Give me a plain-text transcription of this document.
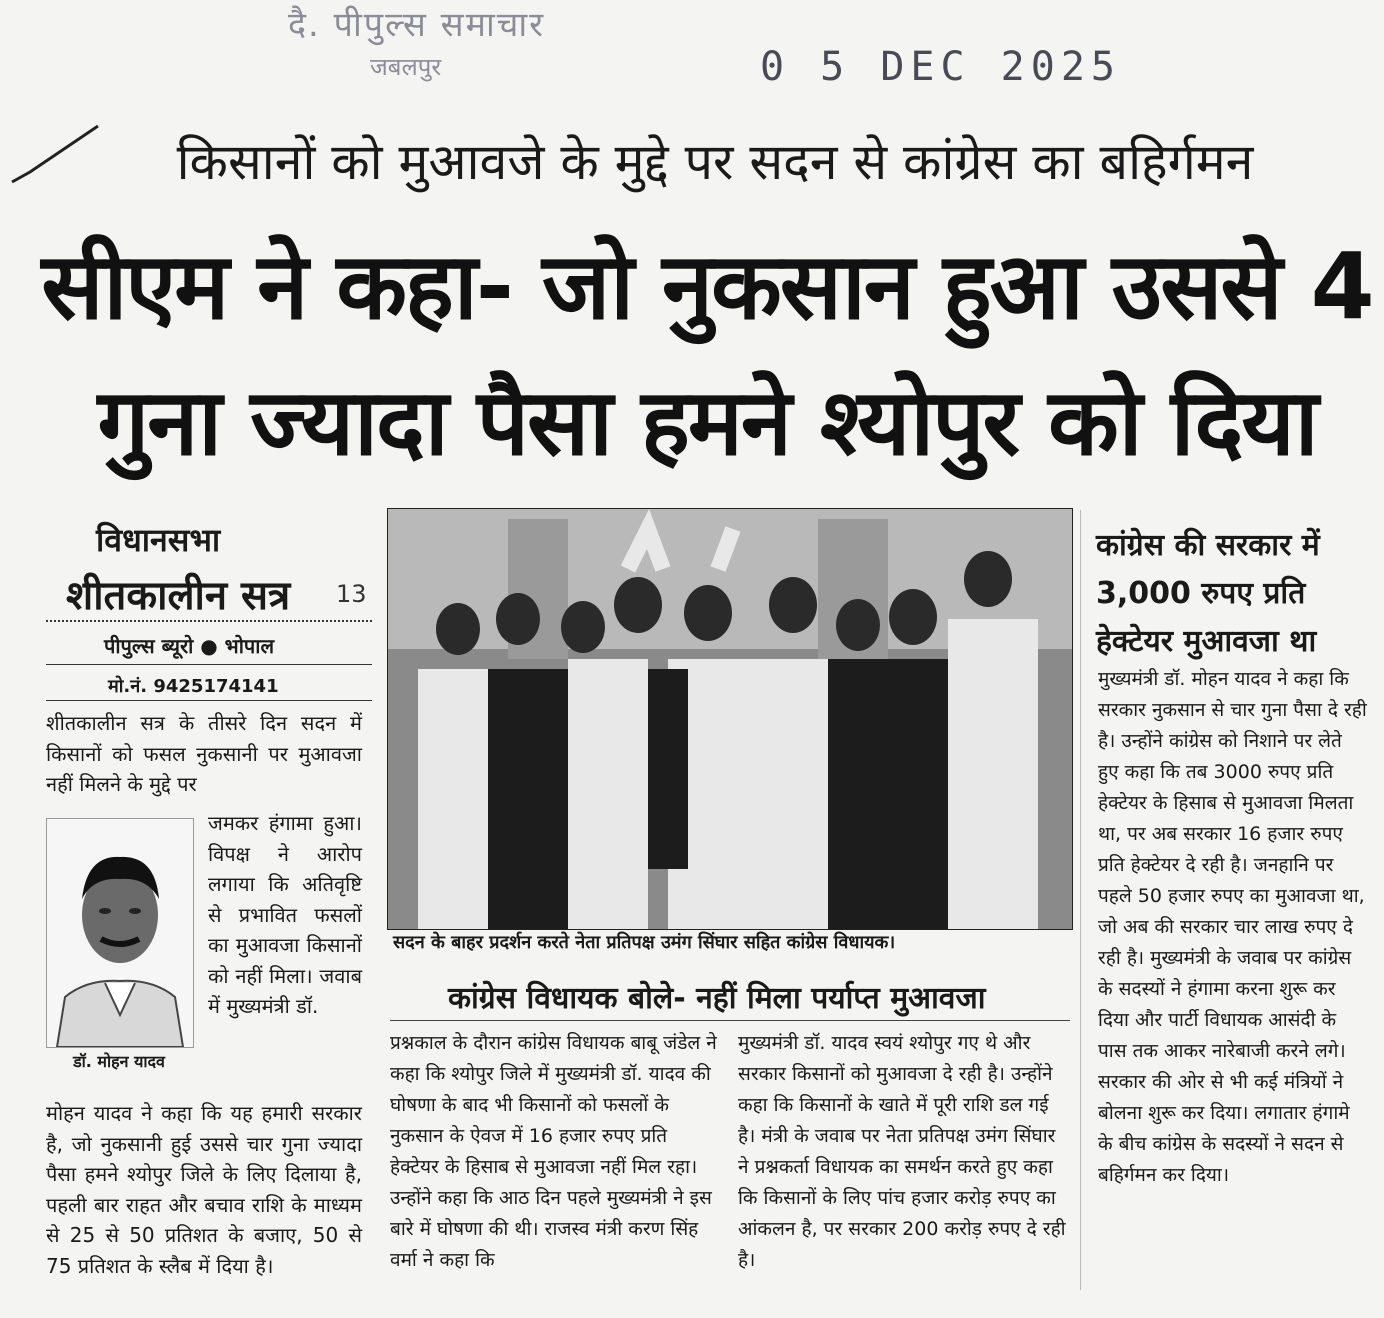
दै. पीपुल्स समाचार
जबलपुर	0 5 DEC 2025
किसानों को मुआवजे के मुद्दे पर सदन से कांग्रेस का बहिर्गमन
सीएम ने कहा- जो नुकसान हुआ उससे 4
गुना ज्यादा पैसा हमने श्योपुर को दिया
विधानसभा
शीतकालीन सत्र 13
पीपुल्स ब्यूरो ● भोपाल
मो.नं. 9425174141
शीतकालीन सत्र के तीसरे दिन सदन में किसानों को फसल नुकसानी पर मुआवजा नहीं मिलने के मुद्दे पर
डॉ. मोहन यादव
जमकर हंगामा हुआ। विपक्ष ने आरोप लगाया कि अतिवृष्टि से प्रभावित फसलों का मुआवजा किसानों को नहीं मिला। जवाब में मुख्यमंत्री डॉ.
मोहन यादव ने कहा कि यह हमारी सरकार है, जो नुकसानी हुई उससे चार गुना ज्यादा पैसा हमने श्योपुर जिले के लिए दिलाया है, पहली बार राहत और बचाव राशि के माध्यम से 25 से 50 प्रतिशत के बजाए, 50 से 75 प्रतिशत के स्लैब में दिया है।
सदन के बाहर प्रदर्शन करते नेता प्रतिपक्ष उमंग सिंघार सहित कांग्रेस विधायक।
कांग्रेस विधायक बोले- नहीं मिला पर्याप्त मुआवजा
प्रश्नकाल के दौरान कांग्रेस विधायक बाबू जंडेल ने कहा कि श्योपुर जिले में मुख्यमंत्री डॉ. यादव की घोषणा के बाद भी किसानों को फसलों के नुकसान के ऐवज में 16 हजार रुपए प्रति हेक्टेयर के हिसाब से मुआवजा नहीं मिल रहा। उन्होंने कहा कि आठ दिन पहले मुख्यमंत्री ने इस बारे में घोषणा की थी। राजस्व मंत्री करण सिंह वर्मा ने कहा कि
मुख्यमंत्री डॉ. यादव स्वयं श्योपुर गए थे और सरकार किसानों को मुआवजा दे रही है। उन्होंने कहा कि किसानों के खाते में पूरी राशि डल गई है। मंत्री के जवाब पर नेता प्रतिपक्ष उमंग सिंघार ने प्रश्नकर्ता विधायक का समर्थन करते हुए कहा कि किसानों के लिए पांच हजार करोड़ रुपए का आंकलन है, पर सरकार 200 करोड़ रुपए दे रही है।
कांग्रेस की सरकार में 3,000 रुपए प्रति हेक्टेयर मुआवजा था
मुख्यमंत्री डॉ. मोहन यादव ने कहा कि सरकार नुकसान से चार गुना पैसा दे रही है। उन्होंने कांग्रेस को निशाने पर लेते हुए कहा कि तब 3000 रुपए प्रति हेक्टेयर के हिसाब से मुआवजा मिलता था, पर अब सरकार 16 हजार रुपए प्रति हेक्टेयर दे रही है। जनहानि पर पहले 50 हजार रुपए का मुआवजा था, जो अब की सरकार चार लाख रुपए दे रही है। मुख्यमंत्री के जवाब पर कांग्रेस के सदस्यों ने हंगामा करना शुरू कर दिया और पार्टी विधायक आसंदी के पास तक आकर नारेबाजी करने लगे। सरकार की ओर से भी कई मंत्रियों ने बोलना शुरू कर दिया। लगातार हंगामे के बीच कांग्रेस के सदस्यों ने सदन से बहिर्गमन कर दिया।
